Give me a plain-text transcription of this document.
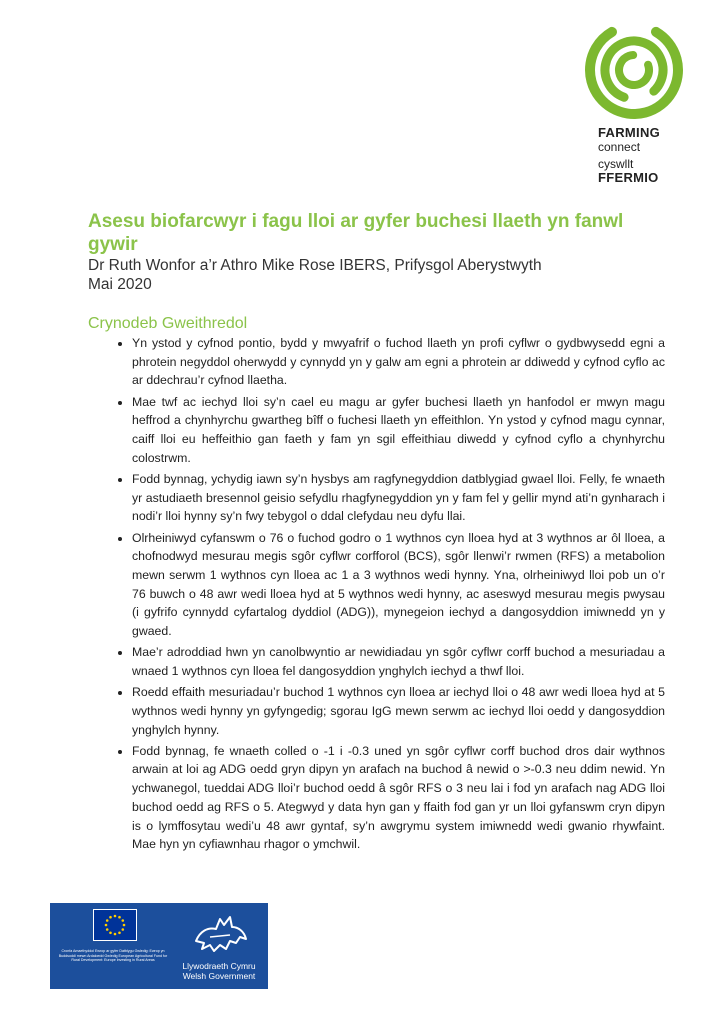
FARMING
connect
cyswllt
FFERMIO
Asesu biofarcwyr i fagu lloi ar gyfer buchesi llaeth yn fanwl gywir
Dr Ruth Wonfor a’r Athro Mike Rose IBERS, Prifysgol Aberystwyth
Mai 2020
Crynodeb Gweithredol
• Yn ystod y cyfnod pontio, bydd y mwyafrif o fuchod llaeth yn profi cyflwr o gydbwysedd egni a phrotein negyddol oherwydd y cynnydd yn y galw am egni a phrotein ar ddiwedd y cyfnod cyflo ac ar ddechrau’r cyfnod llaetha.
• Mae twf ac iechyd lloi sy’n cael eu magu ar gyfer buchesi llaeth yn hanfodol er mwyn magu heffrod a chynhyrchu gwartheg bîff o fuchesi llaeth yn effeithlon. Yn ystod y cyfnod magu cynnar, caiff lloi eu heffeithio gan faeth y fam yn sgil effeithiau diwedd y cyfnod cyflo a chynhyrchu colostrwm.
• Fodd bynnag, ychydig iawn sy’n hysbys am ragfynegyddion datblygiad gwael lloi. Felly, fe wnaeth yr astudiaeth bresennol geisio sefydlu rhagfynegyddion yn y fam fel y gellir mynd ati’n gynharach i nodi’r lloi hynny sy’n fwy tebygol o ddal clefydau neu dyfu llai.
• Olrheiniwyd cyfanswm o 76 o fuchod godro o 1 wythnos cyn lloea hyd at 3 wythnos ar ôl lloea, a chofnodwyd mesurau megis sgôr cyflwr corfforol (BCS), sgôr llenwi’r rwmen (RFS) a metabolion mewn serwm 1 wythnos cyn lloea ac 1 a 3 wythnos wedi hynny. Yna, olrheiniwyd lloi pob un o’r 76 buwch o 48 awr wedi lloea hyd at 5 wythnos wedi hynny, ac aseswyd mesurau megis pwysau (i gyfrifo cynnydd cyfartalog dyddiol (ADG)), mynegeion iechyd a dangosyddion imiwnedd yn y gwaed.
• Mae’r adroddiad hwn yn canolbwyntio ar newidiadau yn sgôr cyflwr corff buchod a mesuriadau a wnaed 1 wythnos cyn lloea fel dangosyddion ynghylch iechyd a thwf lloi.
• Roedd effaith mesuriadau’r buchod 1 wythnos cyn lloea ar iechyd lloi o 48 awr wedi lloea hyd at 5 wythnos wedi hynny yn gyfyngedig; sgorau IgG mewn serwm ac iechyd lloi oedd y dangosyddion ynghylch hynny.
• Fodd bynnag, fe wnaeth colled o -1 i -0.3 uned yn sgôr cyflwr corff buchod dros dair wythnos arwain at loi ag ADG oedd gryn dipyn yn arafach na buchod â newid o >-0.3 neu ddim newid. Yn ychwanegol, tueddai ADG lloi’r buchod oedd â sgôr RFS o 3 neu lai i fod yn arafach nag ADG lloi buchod oedd ag RFS o 5. Ategwyd y data hyn gan y ffaith fod gan yr un lloi gyfanswm cryn dipyn is o lymffosytau wedi’u 48 awr gyntaf, sy’n awgrymu system imiwnedd wedi gwanio rhywfaint. Mae hyn yn cyfiawnhau rhagor o ymchwil.
Cronfa Amaethyddol Ewrop ar gyfer Datblygu Gwledig: Ewrop yn Buddsoddi mewn Ardaloedd Gwledig European Agricultural Fund for Rural Development: Europe Investing in Rural Areas
Llywodraeth Cymru
Welsh Government
